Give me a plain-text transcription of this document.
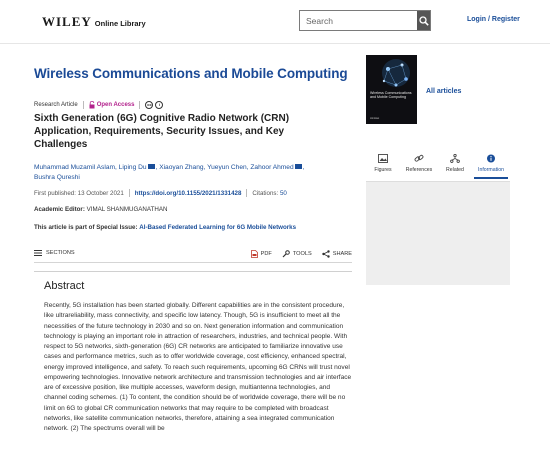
WILEY Online Library
Search	Login / Register
Wireless Communications and Mobile Computing
Wireless Communications and Mobile Computing
Hindawi
All articles
Research Article	Open Access	cc	i
Sixth Generation (6G) Cognitive Radio Network (CRN) Application, Requirements, Security Issues, and Key Challenges
Muhammad Muzamil Aslam, Liping Du , Xiaoyan Zhang, Yueyun Chen, Zahoor Ahmed , Bushra Qureshi
First published: 13 October 2021 https://doi.org/10.1155/2021/1331428 Citations:
50
Academic Editor: VIMAL SHANMUGANATHAN
This article is part of Special Issue: AI-Based Federated Learning for 6G Mobile Networks
SECTIONS	PDF	TOOLS	SHARE
Abstract
Recently, 5G installation has been started globally. Different capabilities are in the consistent procedure, like ultrareliability, mass connectivity, and specific low latency. Though, 5G is insufficient to meet all the necessities of the future technology in 2030 and so on. Next generation information and communication technology is playing an important role in attraction of researchers, industries, and technical people. With respect to 5G networks, sixth-generation (6G) CR networks are anticipated to familiarize innovative use cases and performance metrics, such as to offer worldwide coverage, cost efficiency, enhanced spectral, energy improved intelligence, and safety. To reach such requirements, upcoming 6G CRNs will trust novel empowering technologies. Innovative network architecture and transmission technologies and air interface are of excessive position, like multiple accesses, waveform design, multiantenna technologies, and channel coding schemes. (1) To content, the condition should be of worldwide coverage, there will be no limit on 6G to global CR communication networks that may require to be completed with broadcast networks, like satellite communication networks, therefore, attaining a sea integrated communication network. (2) The spectrums overall will be
Figures	References	Related	Information
